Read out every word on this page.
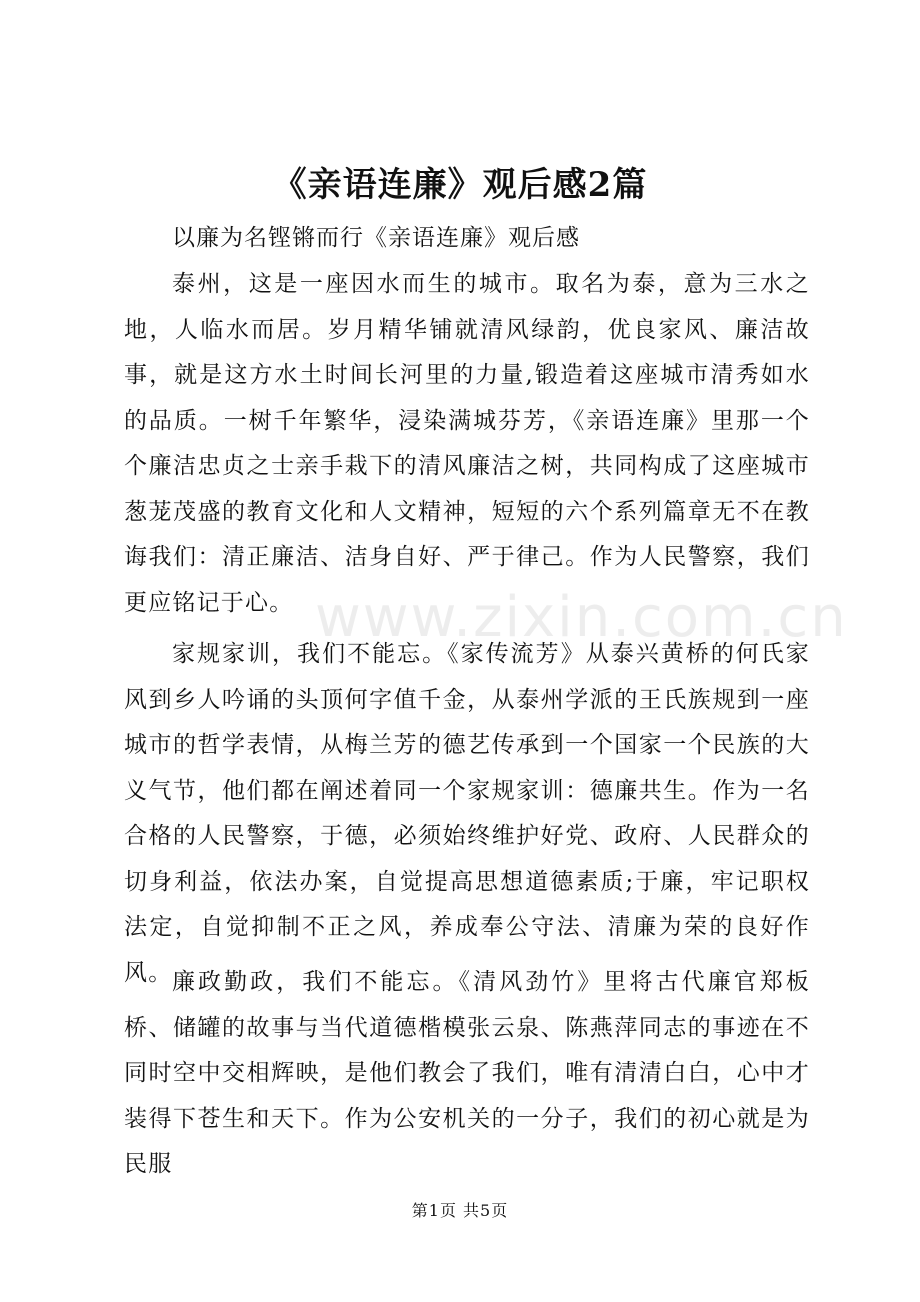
www.zixin.com.cn
《亲语连廉》观后感2篇
以廉为名铿锵而行《亲语连廉》观后感

泰州，这是一座因水而生的城市。取名为泰，意为三水之地，人临水而居。岁月精华铺就清风绿韵，优良家风、廉洁故事，就是这方水土时间长河里的力量,锻造着这座城市清秀如水的品质。一树千年繁华，浸染满城芬芳，《亲语连廉》里那一个个廉洁忠贞之士亲手栽下的清风廉洁之树，共同构成了这座城市葱茏茂盛的教育文化和人文精神，短短的六个系列篇章无不在教诲我们：清正廉洁、洁身自好、严于律己。作为人民警察，我们更应铭记于心。

家规家训，我们不能忘。《家传流芳》从泰兴黄桥的何氏家风到乡人吟诵的头顶何字值千金，从泰州学派的王氏族规到一座城市的哲学表情，从梅兰芳的德艺传承到一个国家一个民族的大义气节，他们都在阐述着同一个家规家训：德廉共生。作为一名合格的人民警察，于德，必须始终维护好党、政府、人民群众的切身利益，依法办案，自觉提高思想道德素质;于廉，牢记职权法定，自觉抑制不正之风，养成奉公守法、清廉为荣的良好作风。 廉政勤政，我们不能忘。《清风劲竹》里将古代廉官郑板桥、储罐的故事与当代道德楷模张云泉、陈燕萍同志的事迹在不同时空中交相辉映，是他们教会了我们，唯有清清白白，心中才装得下苍生和天下。作为公安机关的一分子，我们的初心就是为民服

第1页 共5页
